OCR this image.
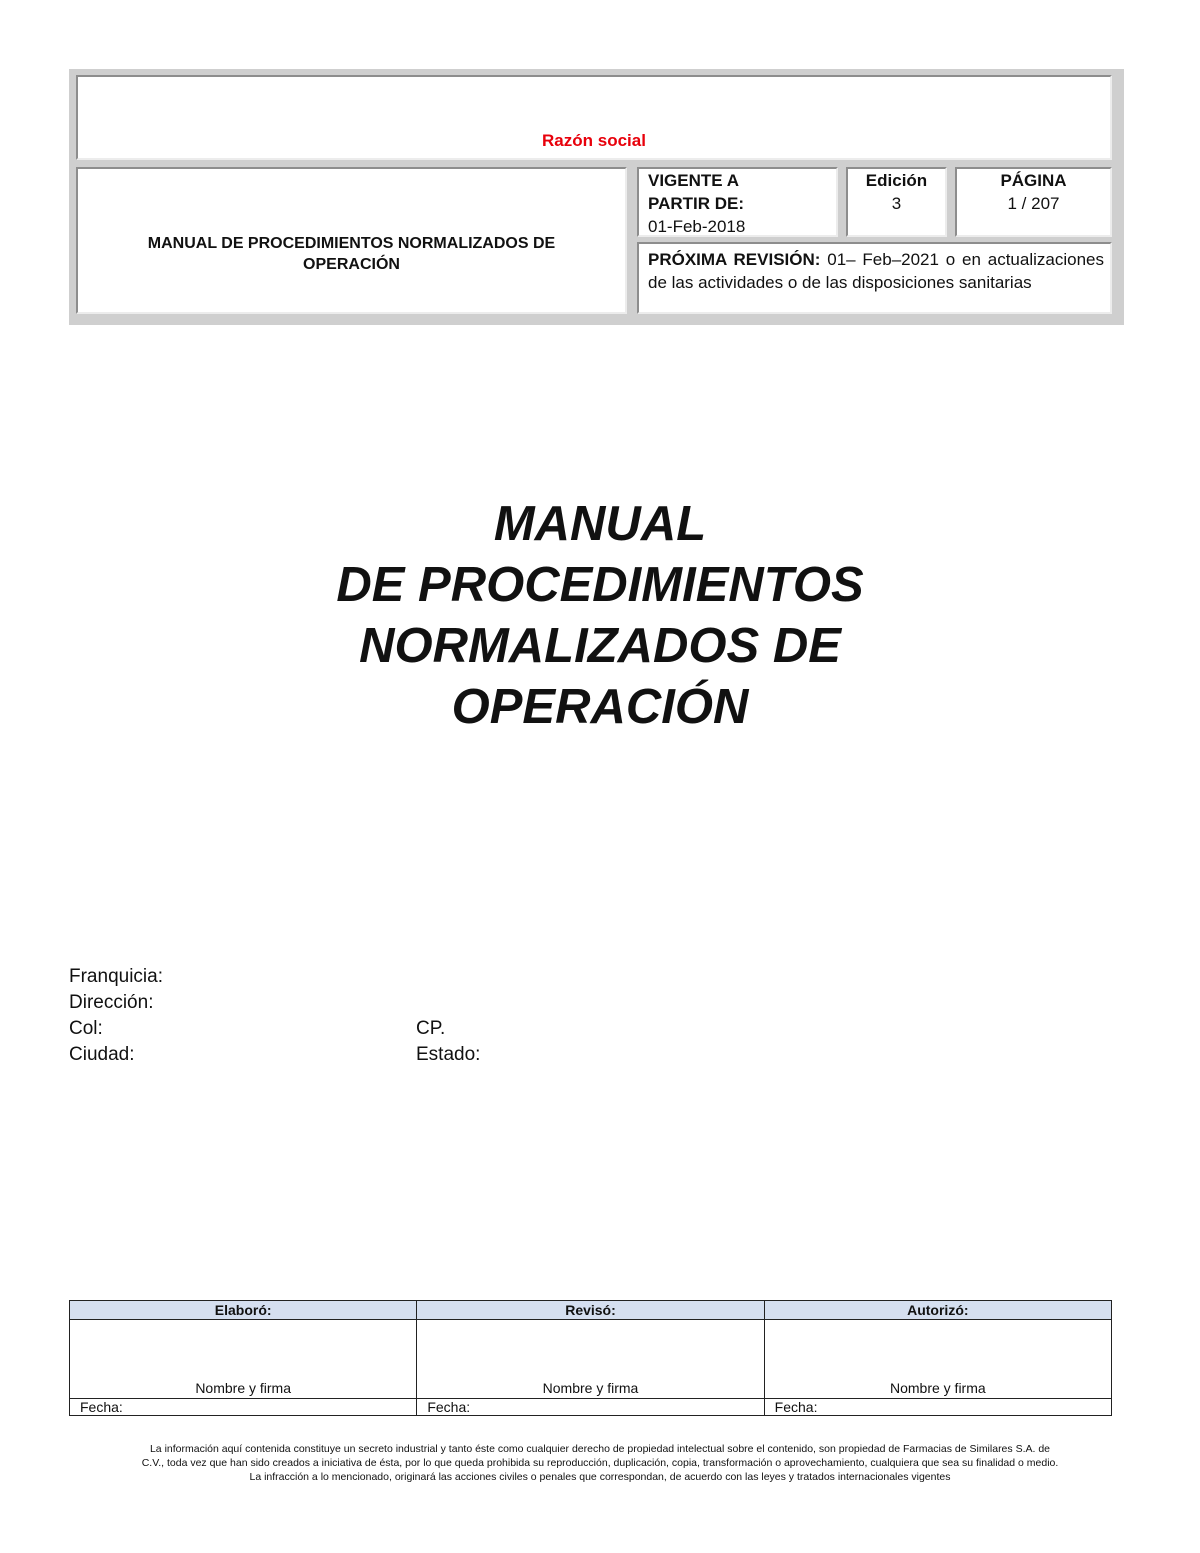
Razón social
MANUAL DE PROCEDIMIENTOS NORMALIZADOS DE
OPERACIÓN
VIGENTE A
PARTIR DE:
01-Feb-2018
Edición
3
PÁGINA
1 / 207
PRÓXIMA REVISIÓN: 01– Feb–2021 o en actualizaciones de las actividades o de las disposiciones sanitarias
MANUAL
DE PROCEDIMIENTOS
NORMALIZADOS DE
OPERACIÓN
Franquicia:
Dirección:
Col:	CP.
Ciudad:	Estado:
Elaboró:	Revisó:	Autorizó:
Nombre y firma	Nombre y firma	Nombre y firma
Fecha:	Fecha:	Fecha:
La información aquí contenida constituye un secreto industrial y tanto éste como cualquier derecho de propiedad intelectual sobre el contenido, son propiedad de Farmacias de Similares S.A. de
C.V., toda vez que han sido creados a iniciativa de ésta, por lo que queda prohibida su reproducción, duplicación, copia, transformación o aprovechamiento, cualquiera que sea su finalidad o medio.
La infracción a lo mencionado, originará las acciones civiles o penales que correspondan, de acuerdo con las leyes y tratados internacionales vigentes
